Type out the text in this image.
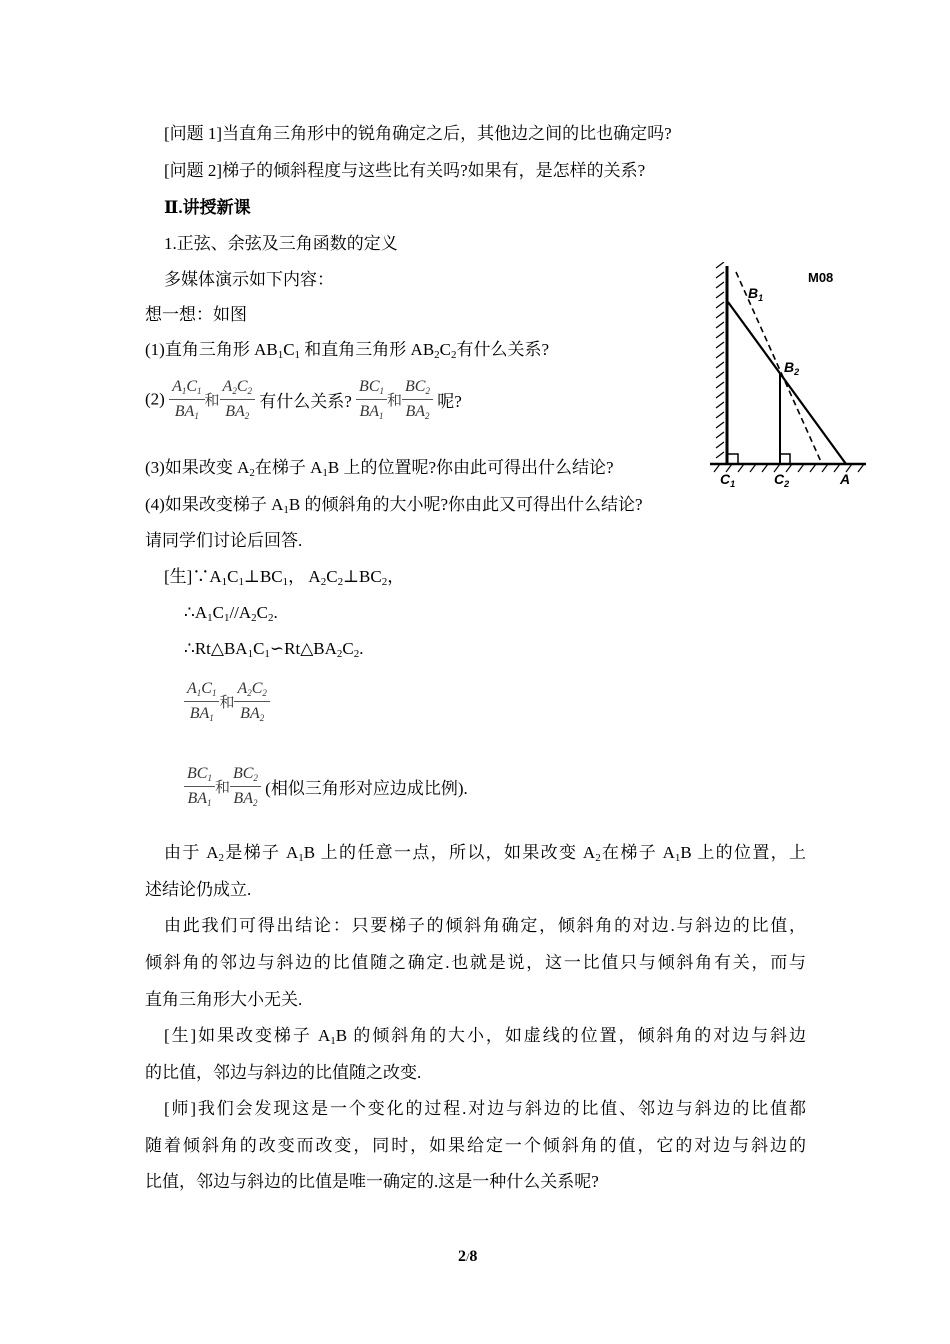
[问题 1]当直角三角形中的锐角确定之后，其他边之间的比也确定吗?
[问题 2]梯子的倾斜程度与这些比有关吗?如果有，是怎样的关系?
Ⅱ.讲授新课
1.正弦、余弦及三角函数的定义
多媒体演示如下内容：
想一想：如图
(1)直角三角形 $AB_1C_1$ 和直角三角形 $AB_2C_2$有什么关系?
$(2) \frac{A_1C_1}{BA_1}$ 和 $\frac{A_2C_2}{BA_2}$ 有什么关系? $\frac{BC_1}{BA_1}$ 和 $\frac{BC_2}{BA_2}$ 呢?
(3)如果改变 $A_2$在梯子 $A_1B$ 上的位置呢?你由此可得出什么结论?
(4)如果改变梯子 $A_1B$ 的倾斜角的大小呢?你由此又可得出什么结论?
请同学们讨论后回答.
[生]$\because A_1C_1\perp BC_1$， $A_2C_2\perp BC_2$，
$\therefore A_1C_1//A_2C_2$.
$\therefore Rt\triangle BA_1C_1∽Rt\triangle BA_2C_2$.
$\frac{A_1C_1}{BA_1}$ 和 $\frac{A_2C_2}{BA_2}$
$\frac{BC_1}{BA_1}$ 和 $\frac{BC_2}{BA_2}$ (相似三角形对应边成比例).
由于 $A_2$是梯子 $A_1B$ 上的任意一点，所以，如果改变 $A_2$在梯子 $A_1B$ 上的位置，上
述结论仍成立.
由此我们可得出结论：只要梯子的倾斜角确定，倾斜角的对边.与斜边的比值，
倾斜角的邻边与斜边的比值随之确定.也就是说，这一比值只与倾斜角有关，而与
直角三角形大小无关.
[生]如果改变梯子 $A_1B$ 的倾斜角的大小，如虚线的位置，倾斜角的对边与斜边
的比值，邻边与斜边的比值随之改变.
[师]我们会发现这是一个变化的过程.对边与斜边的比值、邻边与斜边的比值都
随着倾斜角的改变而改变，同时，如果给定一个倾斜角的值，它的对边与斜边的
比值，邻边与斜边的比值是唯一确定的.这是一种什么关系呢?
M08
$B_1$
$B_2$
$C_1$	$C_2$	A
2/8
